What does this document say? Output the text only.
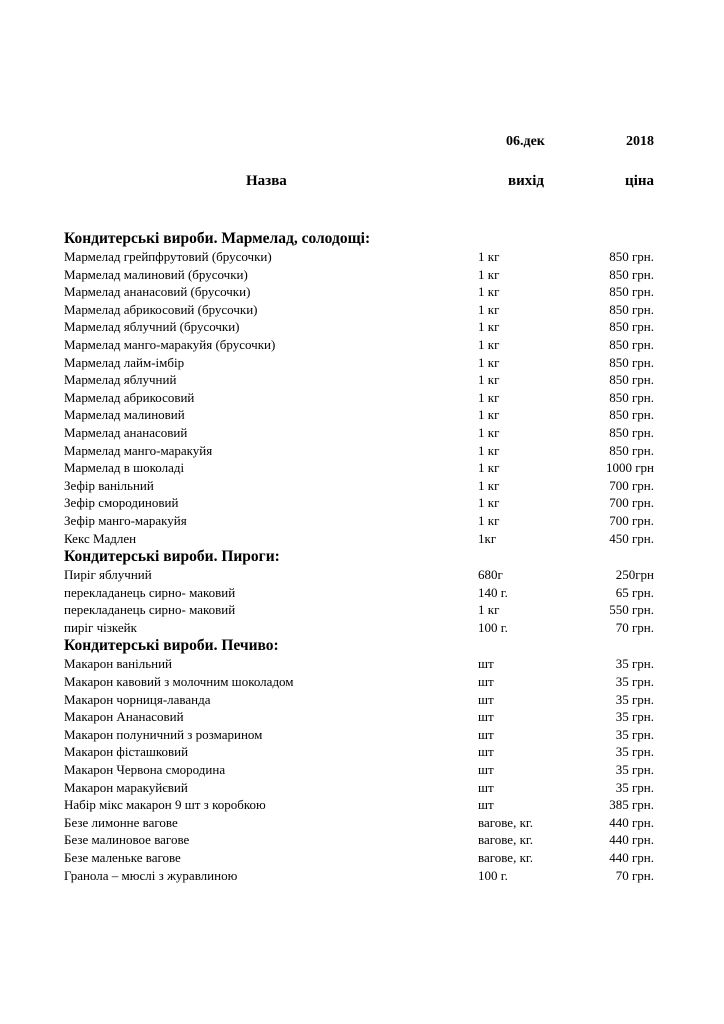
06.дек	2018
Назва	вихід	ціна
Кондитерські вироби. Мармелад, солодощі:
Мармелад грейпфрутовий (брусочки)	1 кг	850 грн.
Мармелад малиновий (брусочки)	1 кг	850 грн.
Мармелад ананасовий (брусочки)	1 кг	850 грн.
Мармелад абрикосовий (брусочки)	1 кг	850 грн.
Мармелад яблучний (брусочки)	1 кг	850 грн.
Мармелад манго-маракуйя (брусочки)	1 кг	850 грн.
Мармелад лайм-імбір	1 кг	850 грн.
Мармелад яблучний	1 кг	850 грн.
Мармелад абрикосовий	1 кг	850 грн.
Мармелад малиновий	1 кг	850 грн.
Мармелад ананасовий	1 кг	850 грн.
Мармелад манго-маракуйя	1 кг	850 грн.
Мармелад в шоколаді	1 кг	1000 грн
Зефір ванільний	1 кг	700 грн.
Зефір смородиновий	1 кг	700 грн.
Зефір манго-маракуйя	1 кг	700 грн.
Кекс Мадлен	1кг	450 грн.
Кондитерські вироби. Пироги:
Пиріг яблучний	680г	250грн
перекладанець сирно- маковий	140 г.	65 грн.
перекладанець сирно- маковий	1 кг	550 грн.
пиріг чізкейк	100 г.	70 грн.
Кондитерські вироби. Печиво:
Макарон ванільний	шт	35 грн.
Макарон кавовий з молочним шоколадом	шт	35 грн.
Макарон чорниця-лаванда	шт	35 грн.
Макарон Ананасовий	шт	35 грн.
Макарон полуничний з розмарином	шт	35 грн.
Макарон фісташковий	шт	35 грн.
Макарон Червона смородина	шт	35 грн.
Макарон маракуйєвий	шт	35 грн.
Набір мікс макарон 9 шт з коробкою	шт	385 грн.
Безе лимонне вагове	вагове, кг.	440 грн.
Безе малиновое вагове	вагове, кг.	440 грн.
Безе маленьке вагове	вагове, кг.	440 грн.
Гранола – мюслі з журавлиною	100 г.	70 грн.
